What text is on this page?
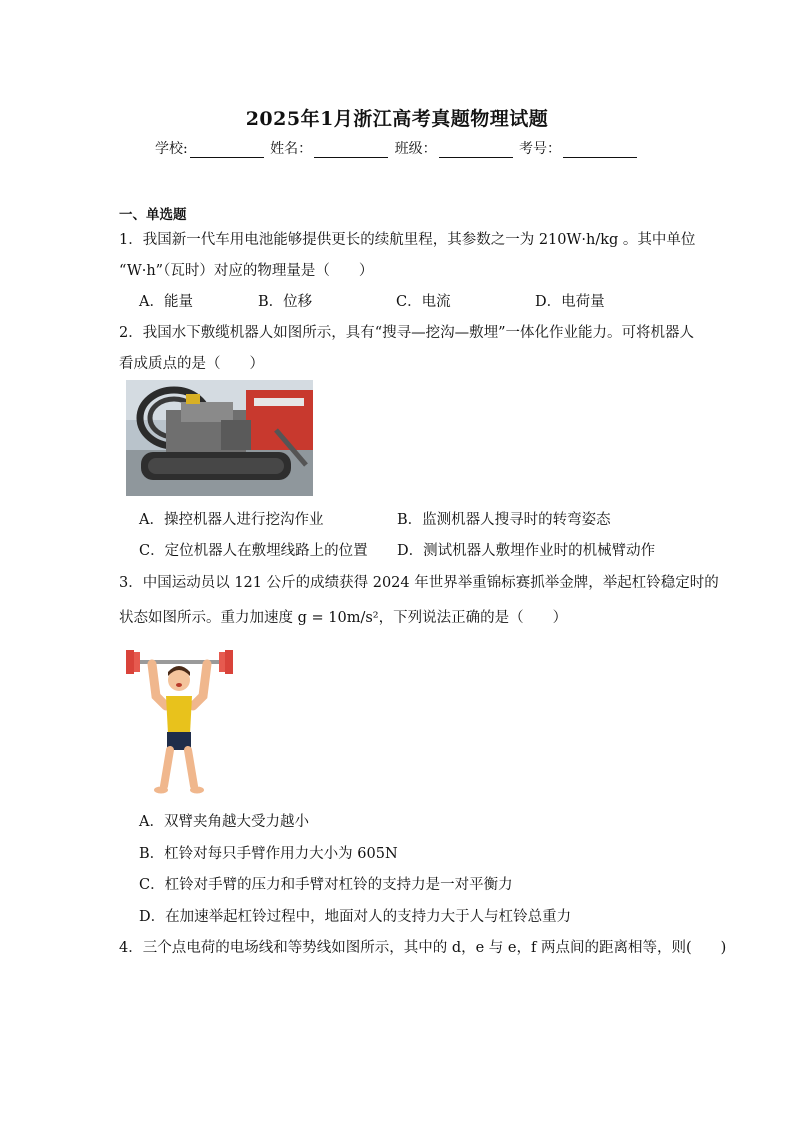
2025年1月浙江高考真题物理试题
学校:	姓名：	班级：	考号：
一、单选题
1．我国新一代车用电池能够提供更长的续航里程，其参数之一为 210W·h/kg 。其中单位
“W·h”（瓦时）对应的物理量是（　　）
A．能量	B．位移	C．电流	D．电荷量
2．我国水下敷缆机器人如图所示，具有“搜寻—挖沟—敷埋”一体化作业能力。可将机器人
看成质点的是（　　）
A．操控机器人进行挖沟作业	B．监测机器人搜寻时的转弯姿态
C．定位机器人在敷埋线路上的位置 D．测试机器人敷埋作业时的机械臂动作
3．中国运动员以 121 公斤的成绩获得 2024 年世界举重锦标赛抓举金牌，举起杠铃稳定时的
状态如图所示。重力加速度 g = 10m/s²，下列说法正确的是（　　）
A．双臂夹角越大受力越小
B．杠铃对每只手臂作用力大小为 605N
C．杠铃对手臂的压力和手臂对杠铃的支持力是一对平衡力
D．在加速举起杠铃过程中，地面对人的支持力大于人与杠铃总重力
4．三个点电荷的电场线和等势线如图所示，其中的 d，e 与 e，f 两点间的距离相等，则(　　)
